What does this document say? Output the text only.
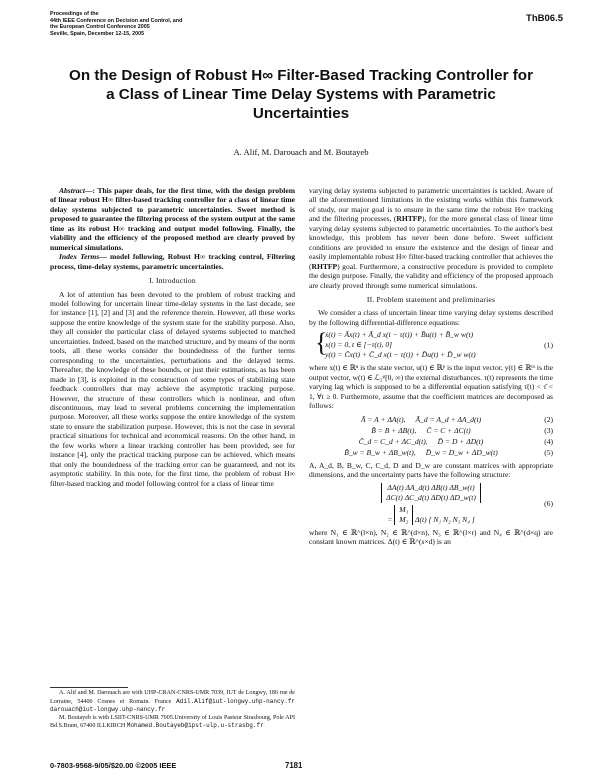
Proceedings of the
44th IEEE Conference on Decision and Control, and
the European Control Conference 2005
Seville, Spain, December 12-15, 2005
ThB06.5
On the Design of Robust H∞ Filter-Based Tracking Controller for
a Class of Linear Time Delay Systems with Parametric
Uncertainties
A. Alif, M. Darouach and M. Boutayeb

Abstract—: This paper deals, for the first time, with the design problem of linear robust H∞ filter-based tracking controller for a class of linear time delay systems subjected to parametric uncertainties. Sweet method is proposed to guarantee the filtering process of the system output at the same time as its robust H∞ tracking and output model following. Finally, the viability and the efficiency of the proposed method are clearly proved by numerical simulations.

Index Terms— model following, Robust H∞ tracking control, Filtering process, time-delay systems, parametric uncertainties.

I. Introduction

A lot of attention has been devoted to the problem of robust tracking and model following for uncertain linear time-delay systems in the last decade, see for instance [1], [2] and [3] and the reference therein. However, all these works suppose the entire knowledge of the system state for the stability purpose. Also, they all consider the particular class of delayed systems subjected to matched uncertainties. Indeed, based on the matched structure, and by means of the norm tools, all these works consider the boundedness of the further terms corresponding to the uncertainties, perturbations and the delayed terms. Thereafter, the knowledge of these bounds, or just their estimations, as has been made in [3], is exploited in the construction of some types of stabilizing state feedback controllers that may achieve the asymptotic tracking purpose. However, the structure of these controllers which is nonlinear, and often discontinuous, may lead to several problems concerning the implementation purpose. Moreover, all these works suppose the entire knowledge of the system state to ensure the stabilization purpose. However, this is not the case in several practical situations for technical and economical reasons. On the other hand, in the few works where a linear tracking controller has been provided, see for instance [4], only the practical tracking purpose can be achieved, which means that only the boundedness of the tracking error can be guaranteed, and not its asymptotic stability. In this note, for the first time, the problem of robust H∞ filter-based tracking and model following control for a class of linear time

A. Alif and M. Darouach are with UHP-CRAN-CNRS-UMR 7039, IUT de Longwy, 186 rue de Lorraine, 54400 Cosnes et Romain. France Adil.Alif@iut-longwy.uhp-nancy.fr darouach@iut-longwy.uhp-nancy.fr

M. Boutayeb is with LSIIT-CNRS-UMR 7005.University of Louis Pasteur Strasbourg, Pole API Bd.S.Brant, 67400 ILLKIRCH Mohamed.Boutayeb@ipst-ulp.u-strasbg.fr

varying delay systems subjected to parametric uncertainties is tackled. Aware of all the aforementioned limitations in the existing works within this framework of study, our major goal is to ensure in the same time the robust H∞ tracking and the filtering processes, (RHTFP), for the more general class of linear time varying delay systems subjected to parametric uncertainties. To the author's best knowledge, this problem has never been done before. Sweet sufficient conditions are provided to ensure the existence and the design of linear and easily implementable robust H∞ filter-based tracking controller that achieves the (RHTFP) goal. Furthermore, a constructive procedure is provided to complete the design purpose. Finally, the validity and efficiency of the proposed approach are clearly proved through some numerical simulations.

II. Problem statement and preliminaries

We consider a class of uncertain linear time varying delay systems described by the following differential-difference equations:

{
ẋ(t) = Āx(t) + Ā_d x(t − τ(t)) + B̄u(t) + B̄_w w(t)
x(t) = 0, t ∈ [−τ(t), 0]
y(t) = C̄x(t) + C̄_d x(t − τ(t)) + D̄u(t) + D̄_w w(t)
(1)

where x(t) ∈ ℝⁿ is the state vector, u(t) ∈ ℝᵖ is the input vector, y(t) ∈ ℝᵐ is the output vector, w(t) ∈ ℒ₂ᵠ[0, ∞) the external disturbances. τ(t) represents the time varying lag which is supposed to be a differential equation satisfying τ̇(t) < τ̄ < 1, ∀t ≥ 0. Furthermore, assume that the coefficient matrices are decomposed as follows:

Ā = A + ΔA(t), Ā_d = A_d + ΔA_d(t)	(2)
B̄ = B + ΔB(t), C̄ = C + ΔC(t)	(3)
C̄_d = C_d + ΔC_d(t), D̄ = D + ΔD(t)	(4)
B̄_w = B_w + ΔB_w(t), D̄_w = D_w + ΔD_w(t)	(5)

A, A_d, B, B_w, C, C_d, D and D_w are constant matrices with appropriate dimensions, and the uncertainty parts have the following structure:

ΔA(t) ΔA_d(t) ΔB(t) ΔB_w(t)
ΔC(t) ΔC_d(t) ΔD(t) ΔD_w(t)
=
M₁
M₂ Δ(t) [ N₁ N₂ N₃ N₄ ]
(6)

where N₁ ∈ ℝ^(l×n), N₂ ∈ ℝ^(d×n), N₃ ∈ ℝ^(l×r) and N₄ ∈ ℝ^(d×q) are constant known matrices. Δ(t) ∈ ℝ^(s×d) is an

0-7803-9568-9/05/$20.00 ©2005 IEEE	7181
